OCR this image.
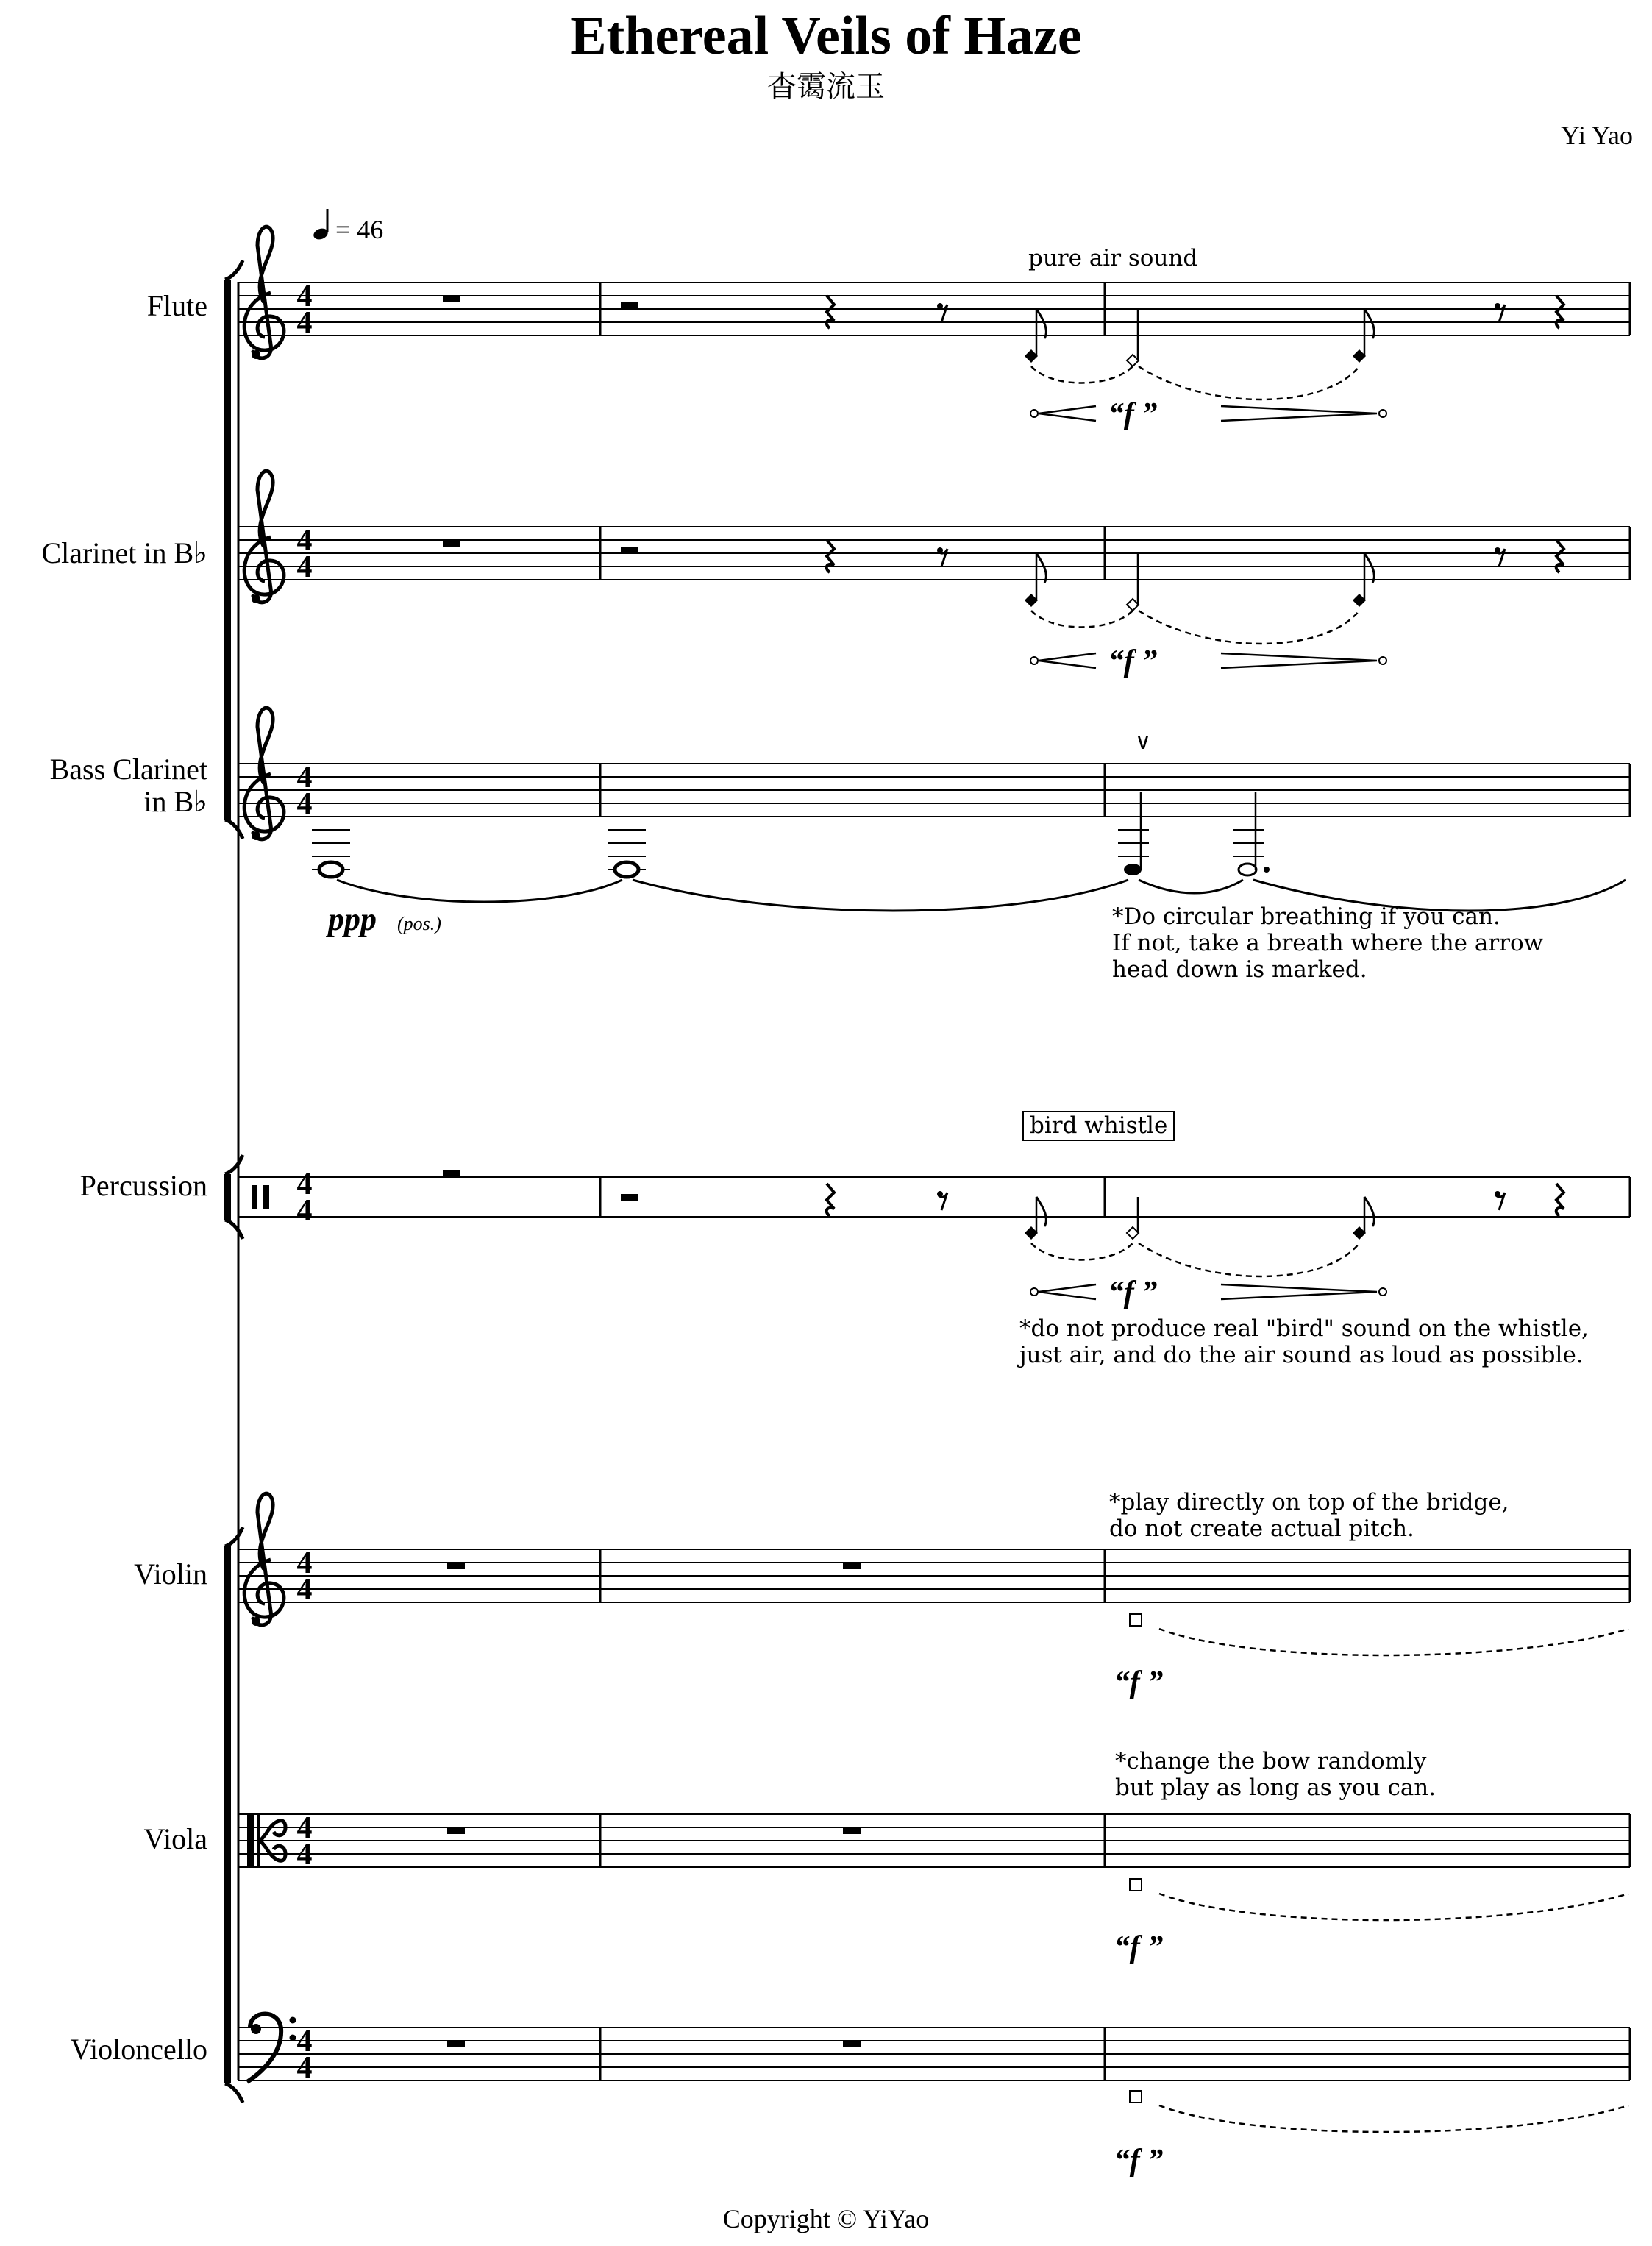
Ethereal Veils of Haze
杳霭流玉
Yi Yao
Flute
Clarinet in B♭
Bass Clarinet
in B♭
Percussion
Violin
Viola
Violoncello
pure air sound
bird whistle
*Do circular breathing if you can.
If not, take a breath where the arrow
head down is marked.
*do not produce real "bird" sound on the whistle,
just air, and do the air sound as loud as possible.
*play directly on top of the bridge,
do not create actual pitch.
*change the bow randomly
but play as long as you can.
Copyright © YiYao
4
4
4
4
4
4
4
4
4
4
4
4
4
4
= 46
“f ”
“f ”
“f ”
ppp (pos.)
∨
“f ”
“f ”
“f ”
